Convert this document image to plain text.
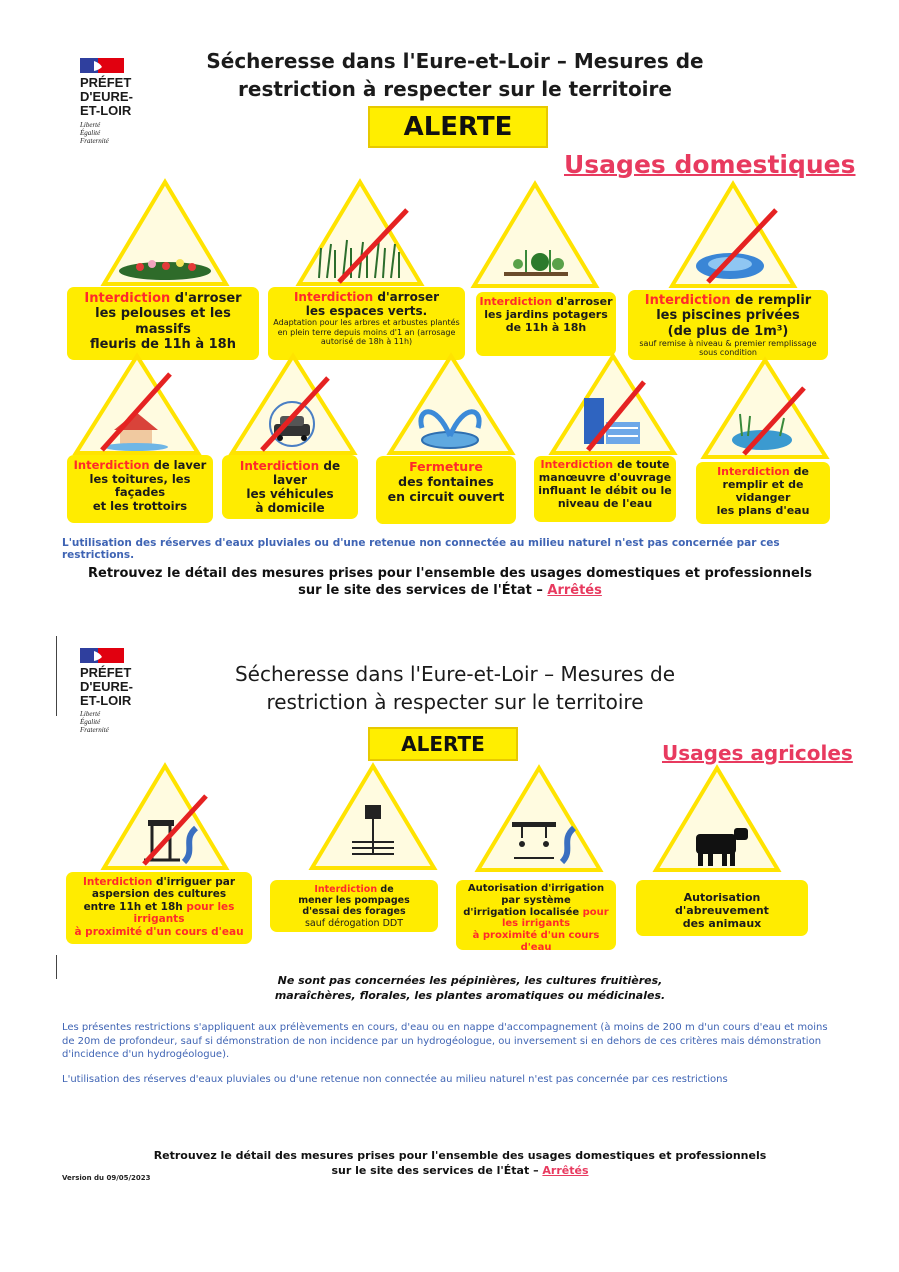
PRÉFET
D'EURE-
ET-LOIR
Liberté
Égalité
Fraternité
Sécheresse dans l'Eure-et-Loir – Mesures de
restriction à respecter sur le territoire
ALERTE
Usages domestiques
Interdiction d'arroser
les pelouses et les massifs
fleuris de 11h à 18h
Interdiction d'arroser
les espaces verts.
Adaptation pour les arbres et arbustes plantés en plein terre depuis moins d'1 an (arrosage autorisé de 18h à 11h)
Interdiction d'arroser
les jardins potagers
de 11h à 18h
Interdiction de remplir
les piscines privées
(de plus de 1m³)
sauf remise à niveau & premier remplissage sous condition
Interdiction de laver
les toitures, les façades
et les trottoirs
Interdiction de laver
les véhicules
à domicile
Fermeture
des fontaines
en circuit ouvert
Interdiction de toute
manœuvre d'ouvrage
influant le débit ou le
niveau de l'eau
Interdiction de
remplir et de vidanger
les plans d'eau
L'utilisation des réserves d'eaux pluviales ou d'une retenue non connectée au milieu naturel n'est pas concernée par ces restrictions.
Retrouvez le détail des mesures prises pour l'ensemble des usages domestiques et professionnels
sur le site des services de l'État – Arrêtés
PRÉFET
D'EURE-
ET-LOIR
Liberté
Égalité
Fraternité
Sécheresse dans l'Eure-et-Loir – Mesures de
restriction à respecter sur le territoire
ALERTE	Usages agricoles
Interdiction d'irriguer par
aspersion des cultures
entre 11h et 18h pour les irrigants
à proximité d'un cours d'eau
Interdiction de
mener les pompages
d'essai des forages
sauf dérogation DDT
Autorisation d'irrigation
par système
d'irrigation localisée pour
les irrigants
à proximité d'un cours d'eau
Autorisation d'abreuvement
des animaux
Ne sont pas concernées les pépinières, les cultures fruitières,
maraîchères, florales, les plantes aromatiques ou médicinales.
Les présentes restrictions s'appliquent aux prélèvements en cours, d'eau ou en nappe d'accompagnement (à moins de 200 m d'un cours d'eau et moins de 20m de profondeur, sauf si démonstration de non incidence par un hydrogéologue, ou inversement si en dehors de ces critères mais démonstration d'incidence d'un hydrogéologue).
L'utilisation des réserves d'eaux pluviales ou d'une retenue non connectée au milieu naturel n'est pas concernée par ces restrictions
Retrouvez le détail des mesures prises pour l'ensemble des usages domestiques et professionnels
sur le site des services de l'État – Arrêtés
Version du 09/05/2023
